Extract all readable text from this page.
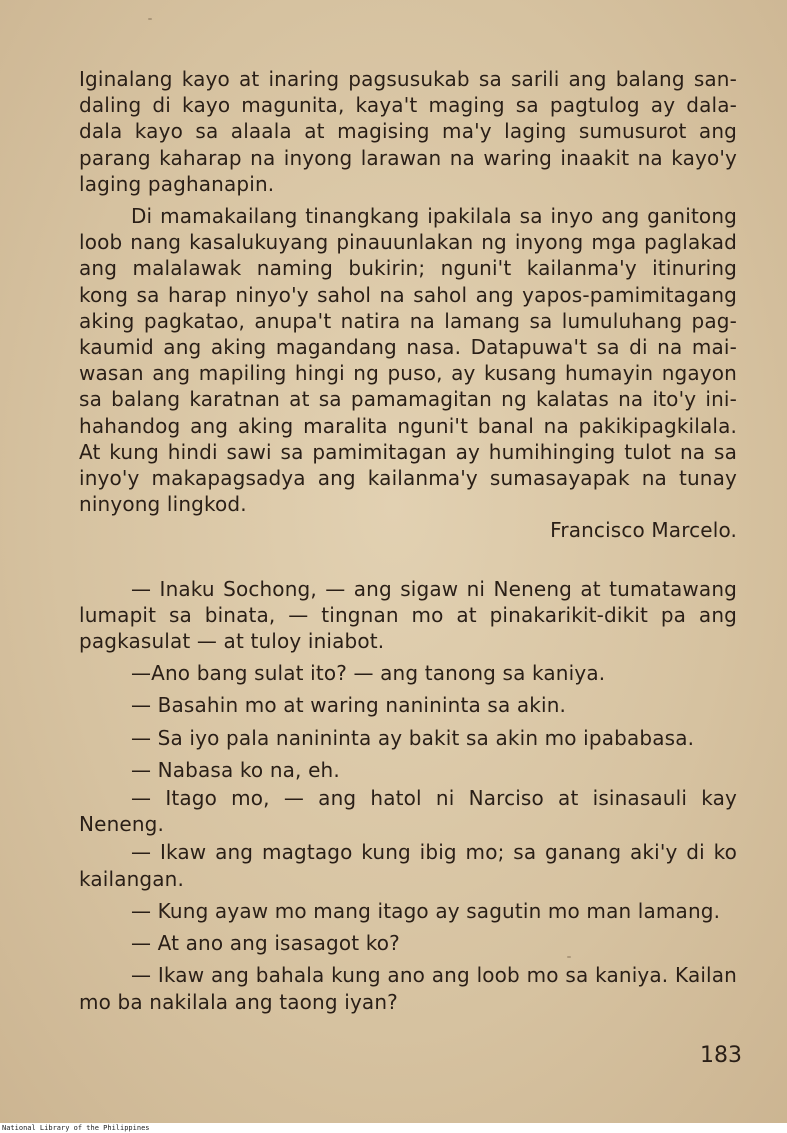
Iginalang kayo at inaring pagsusukab sa sarili ang balang san-daling di kayo magunita, kaya't maging sa pagtulog ay dala-dala kayo sa alaala at magising ma'y laging sumusurot ang parang kaharap na inyong larawan na waring inaakit na kayo'y laging paghanapin.

Di mamakailang tinangkang ipakilala sa inyo ang ganitong loob nang kasalukuyang pinauunlakan ng inyong mga paglakad ang malalawak naming bukirin; nguni't kailanma'y itinuring kong sa harap ninyo'y sahol na sahol ang yapos-pamimitagang aking pagkatao, anupa't natira na lamang sa lumuluhang pag-kaumid ang aking magandang nasa. Datapuwa't sa di na mai-wasan ang mapiling hingi ng puso, ay kusang humayin ngayon sa balang karatnan at sa pamamagitan ng kalatas na ito'y ini-hahandog ang aking maralita nguni't banal na pakikipagkilala. At kung hindi sawi sa pamimitagan ay humihinging tulot na sa inyo'y makapagsadya ang kailanma'y sumasayapak na tunay ninyong lingkod.

Francisco Marcelo.

— Inaku Sochong, — ang sigaw ni Neneng at tumatawang lumapit sa binata, — tingnan mo at pinakarikit-dikit pa ang pagkasulat — at tuloy iniabot.

—Ano bang sulat ito? — ang tanong sa kaniya.

— Basahin mo at waring naninintа sa akin.

— Sa iyo pala naninintа ay bakit sa akin mo ipababasa.

— Nabasa ko na, eh.

— Itago mo, — ang hatol ni Narciso at isinasauli kay Neneng.

— Ikaw ang magtago kung ibig mo; sa ganang aki'y di ko kailangan.

— Kung ayaw mo mang itago ay sagutin mo man lamang.

— At ano ang isasagot ko?

— Ikaw ang bahala kung ano ang loob mo sa kaniya. Kailan mo ba nakilala ang taong iyan?

183
National Library of the Philippines
